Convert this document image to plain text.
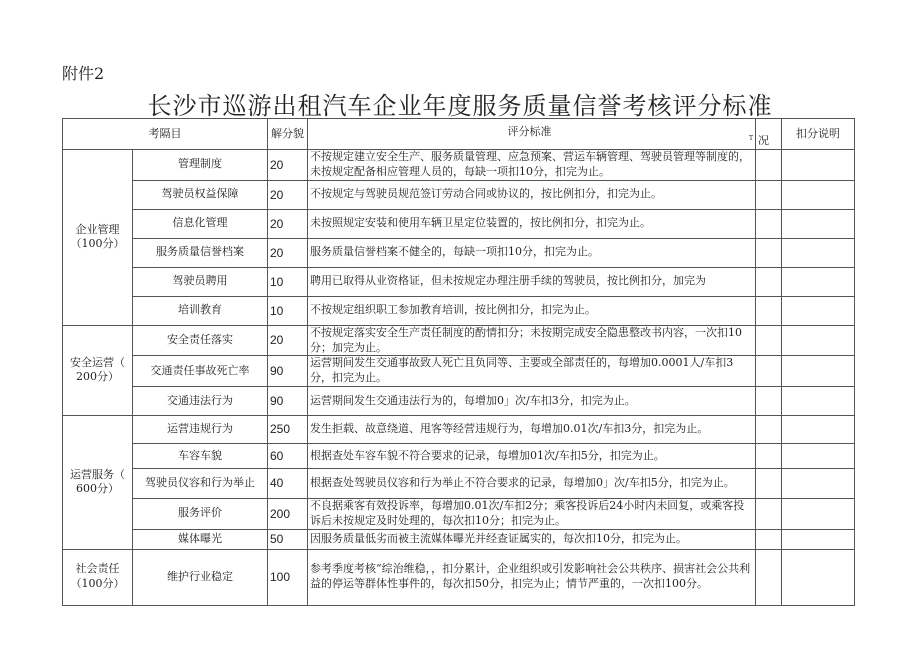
附件2
长沙市巡游出租汽车企业年度服务质量信誉考核评分标准
考隔目		解分貌	评分标准
T	况	扣分说明

企业管理
（100分）	管理制度	20	不按规定建立安全生产、服务质量管理、应急预案、营运车辆管理、驾驶员管理等制度的，未按规定配备相应管理人员的，每缺一项扣10分，扣完为止。		
	驾驶员权益保障	20	不按规定与驾驶员规范签订劳动合同或协议的，按比例扣分，扣完为止。		
	信息化管理	20	未按照规定安装和使用车辆卫星定位装置的，按比例扣分，扣完为止。		
	服务质量信誉档案	20	服务质量信誉档案不健全的，每缺一项扣10分，扣完为止。		
	驾驶员聘用	10	聘用已取得从业资格证，但未按规定办理注册手续的驾驶员，按比例扣分，加完为		
	培训教育	10	不按规定组织职工参加教育培训，按比例扣分，扣完为止。		

安全运营（
200分）	安全责任落实	20	不按规定落实安全生产责任制度的酌情扣分；未按期完成安全隐患整改书内容，一次扣10分；加完为止。		
	交通责任事故死亡率	90	运营期间发生交通事故致人死亡且负同等、主要或全部责任的，每增加0.0001人/车扣3分，扣完为止。		
	交通违法行为	90	运营期间发生交通违法行为的，每增加0」次/车扣3分，扣完为止。		

运营服务（
600分）	运营违规行为	250	发生拒载、故意绕道、甩客等经营违规行为，每增加0.01次/车扣3分，扣完为止。		
	车容车貌	60	根据查处车容车貌不符合要求的记录，每增加01次/车扣5分，扣完为止。		
	驾驶员仪容和行为举止	40	根据查处驾驶员仪容和行为举止不符合要求的记录，每增加0」次/车扣5分，扣完为止。		
	服务评价	200	不良据乘客有效投诉率，每增加0.01次/车扣2分；乘客投诉后24小时内未回复，或乘客投诉后未按规定及时处理的，每次扣10分；扣完为止。		
	媒体曝光	50	因服务质量低劣而被主流媒体曝光并经查证属实的，每次扣10分，扣完为止。		

社会责任
（100分）	维护行业稳定	100	参考季度考核“综治维稳，，扣分累计，企业组织或引发影响社会公共秩序、损害社会公共利益的停运等群体性事件的，每次扣50分，扣完为止；情节严重的，一次扣100分。		
